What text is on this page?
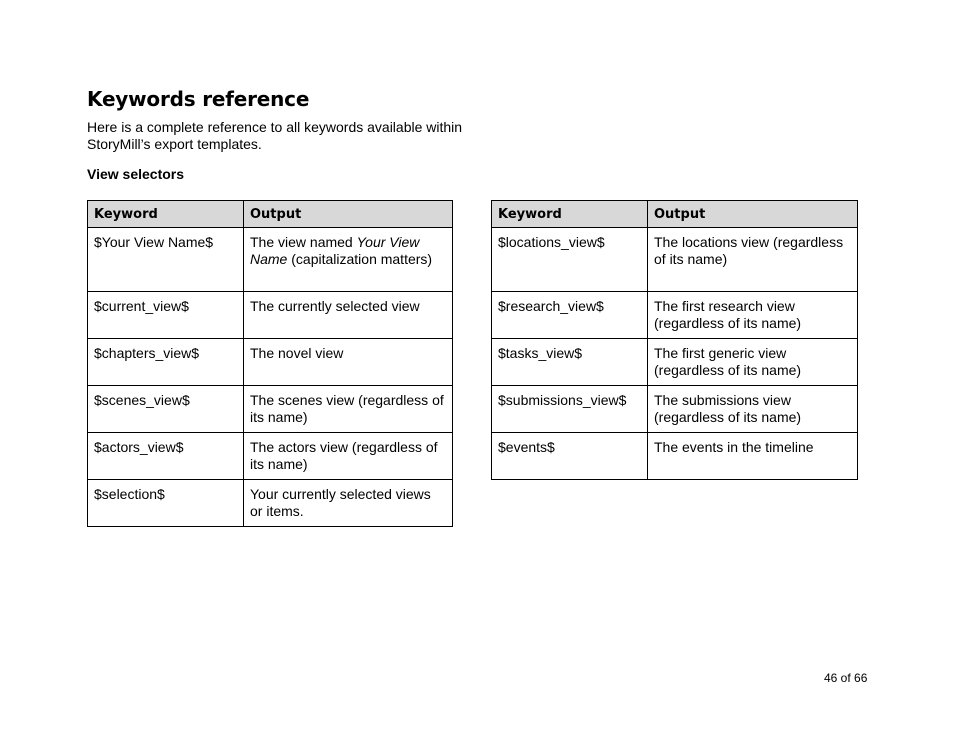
Keywords reference

Here is a complete reference to all keywords available within StoryMill’s export templates.

View selectors
Keyword	Output
$Your View Name$	The view named Your View Name (capitalization matters)
$current_view$	The currently selected view
$chapters_view$	The novel view
$scenes_view$	The scenes view (regardless of its name)
$actors_view$	The actors view (regardless of its name)
$selection$	Your currently selected views or items.
Keyword	Output
$locations_view$	The locations view (regardless of its name)
$research_view$	The first research view (regardless of its name)
$tasks_view$	The first generic view (regardless of its name)
$submissions_view$	The submissions view (regardless of its name)
$events$	The events in the timeline
46 of 66
